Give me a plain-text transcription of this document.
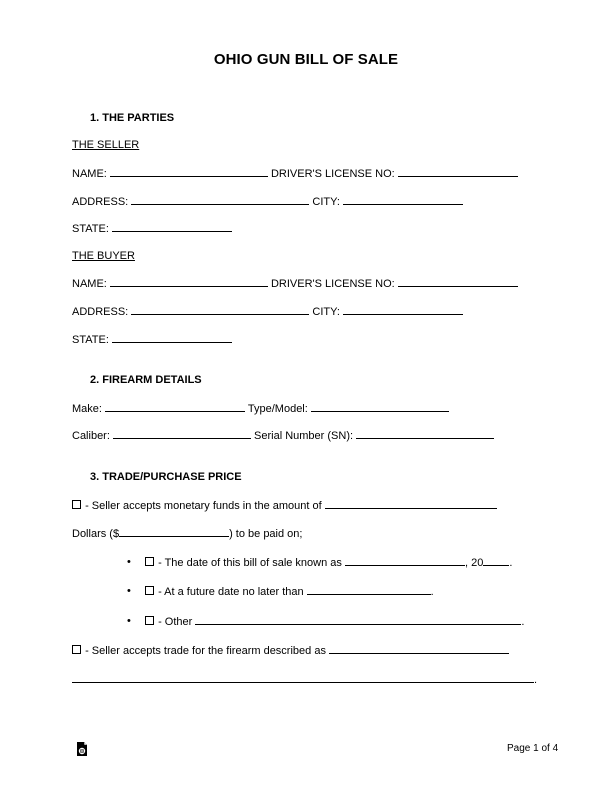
OHIO GUN BILL OF SALE
1. THE PARTIES
THE SELLER
NAME:	DRIVER'S LICENSE NO:
ADDRESS:	CITY:
STATE:
THE BUYER
NAME:	DRIVER'S LICENSE NO:
ADDRESS:	CITY:
STATE:
2. FIREARM DETAILS
Make:	Type/Model:
Caliber:	Serial Number (SN):
3. TRADE/PURCHASE PRICE
- Seller accepts monetary funds in the amount of
Dollars ($	) to be paid on;
•	- The date of this bill of sale known as	, 20 .
•	- At a future date no later than	.
•	- Other	.
- Seller accepts trade for the firearm described as
.
Page 1 of 4
